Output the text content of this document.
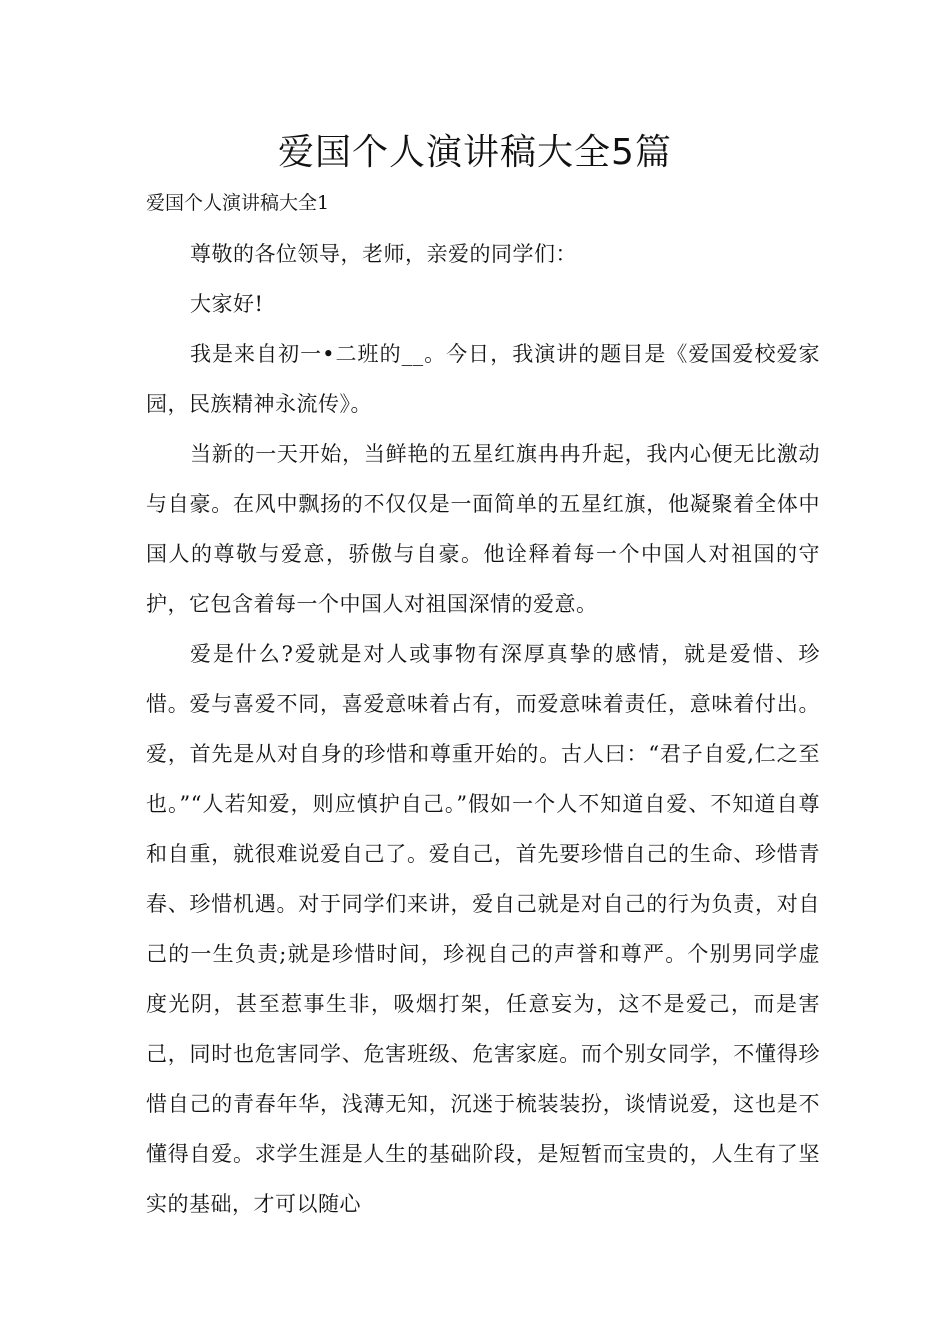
爱国个人演讲稿大全5篇
爱国个人演讲稿大全1

尊敬的各位领导，老师，亲爱的同学们：

大家好!

我是来自初一•二班的__。今日，我演讲的题目是《爱国爱校爱家园，民族精神永流传》。

当新的一天开始，当鲜艳的五星红旗冉冉升起，我内心便无比激动与自豪。在风中飘扬的不仅仅是一面简单的五星红旗，他凝聚着全体中国人的尊敬与爱意，骄傲与自豪。他诠释着每一个中国人对祖国的守护，它包含着每一个中国人对祖国深情的爱意。

爱是什么?爱就是对人或事物有深厚真挚的感情，就是爱惜、珍惜。爱与喜爱不同，喜爱意味着占有，而爱意味着责任，意味着付出。爱，首先是从对自身的珍惜和尊重开始的。古人曰：“君子自爱,仁之至也。”“人若知爱，则应慎护自己。”假如一个人不知道自爱、不知道自尊和自重，就很难说爱自己了。爱自己，首先要珍惜自己的生命、珍惜青春、珍惜机遇。对于同学们来讲，爱自己就是对自己的行为负责，对自己的一生负责;就是珍惜时间，珍视自己的声誉和尊严。个别男同学虚度光阴，甚至惹事生非，吸烟打架，任意妄为，这不是爱己，而是害己，同时也危害同学、危害班级、危害家庭。而个别女同学，不懂得珍惜自己的青春年华，浅薄无知，沉迷于梳装装扮，谈情说爱，这也是不懂得自爱。求学生涯是人生的基础阶段，是短暂而宝贵的，人生有了坚实的基础，才可以随心
